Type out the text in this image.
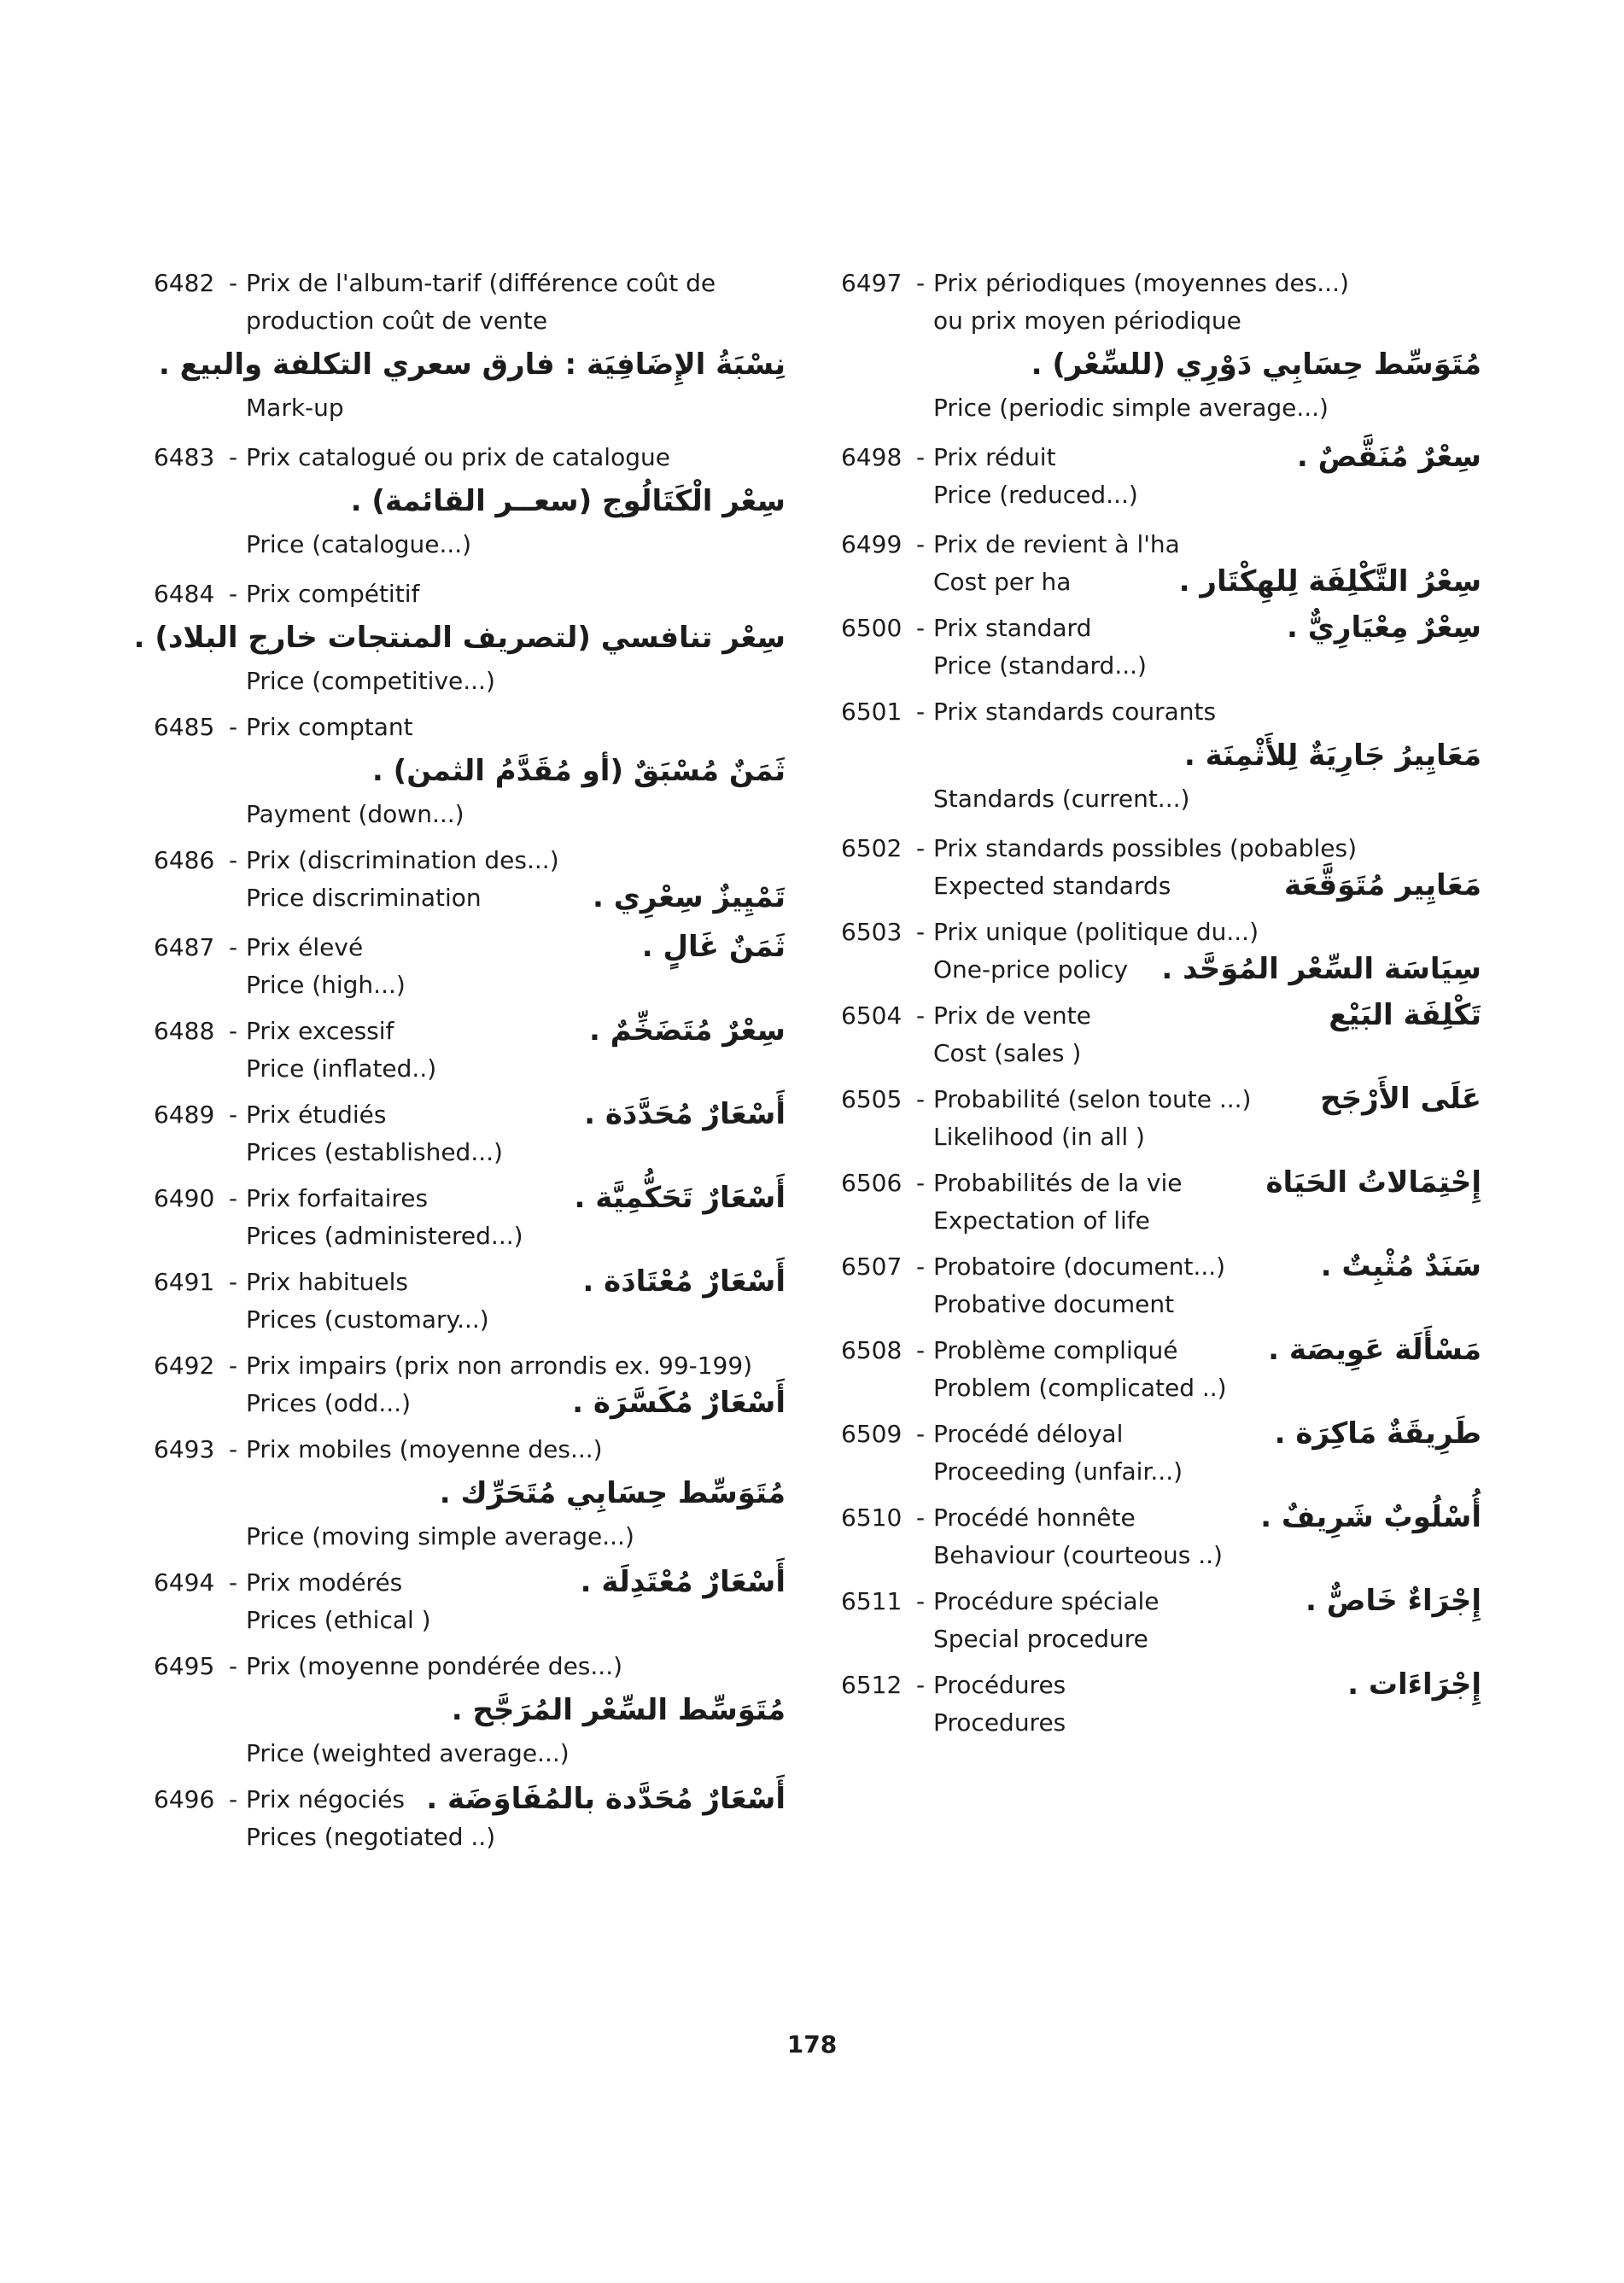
6482 - Prix de l'album-tarif (différence coût de
production coût de vente
نِسْبَةُ الإِضَافِيَة : فارق سعري التكلفة والبيع .
Mark-up
6483 - Prix catalogué ou prix de catalogue
سِعْر الْكَتَالُوج (سعــر القائمة) .
Price (catalogue...)
6484 - Prix compétitif
سِعْر تنافسي (لتصريف المنتجات خارج البلاد) .
Price (competitive...)
6485 - Prix comptant
ثَمَنٌ مُسْبَقٌ (أو مُقَدَّمُ الثمن) .
Payment (down...)
6486 - Prix (discrimination des...)
Price discrimination	تَمْيِيزٌ سِعْرِي .
6487 - Prix élevé	ثَمَنٌ غَالٍ .
Price (high...)
6488 - Prix excessif	سِعْرٌ مُتَضَخِّمٌ .
Price (inflated..)
6489 - Prix étudiés	أَسْعَارٌ مُحَدَّدَة .
Prices (established...)
6490 - Prix forfaitaires	أَسْعَارٌ تَحَكُّمِيَّة .
Prices (administered...)
6491 - Prix habituels	أَسْعَارٌ مُعْتَادَة .
Prices (customary...)
6492 - Prix impairs (prix non arrondis ex. 99-199)
Prices (odd...)	أَسْعَارٌ مُكَسَّرَة .
6493 - Prix mobiles (moyenne des...)
مُتَوَسِّط حِسَابِي مُتَحَرِّك .
Price (moving simple average...)
6494 - Prix modérés	أَسْعَارٌ مُعْتَدِلَة .
Prices (ethical )
6495 - Prix (moyenne pondérée des...)
مُتَوَسِّط السِّعْر المُرَجَّح .
Price (weighted average...)
6496 - Prix négociés أَسْعَارٌ مُحَدَّدة بالمُفَاوَضَة .
Prices (negotiated ..)
6497 - Prix périodiques (moyennes des...)
ou prix moyen périodique
مُتَوَسِّط حِسَابِي دَوْرِي (للسِّعْر) .
Price (periodic simple average...)
6498 - Prix réduit	سِعْرٌ مُنَقَّصٌ .
Price (reduced...)
6499 - Prix de revient à l'ha
Cost per ha	سِعْرُ التَّكْلِفَة لِلهِكْتَار .
6500 - Prix standard	سِعْرٌ مِعْيَارِيٌّ .
Price (standard...)
6501 - Prix standards courants
مَعَايِيرُ جَارِيَةٌ لِلأَثْمِنَة .
Standards (current...)
6502 - Prix standards possibles (pobables)
Expected standards	مَعَايِير مُتَوَقَّعَة
6503 - Prix unique (politique du...)
One-price policy سِيَاسَة السِّعْر المُوَحَّد .
6504 - Prix de vente	تَكْلِفَة البَيْع
Cost (sales )
6505 - Probabilité (selon toute ...) عَلَى الأَرْجَح
Likelihood (in all )
6506 - Probabilités de la vie	إِحْتِمَالاتُ الحَيَاة
Expectation of life
6507 - Probatoire (document...)	سَنَدٌ مُثْبِتٌ .
Probative document
6508 - Problème compliqué	مَسْأَلَة عَوِيصَة .
Problem (complicated ..)
6509 - Procédé déloyal	طَرِيقَةٌ مَاكِرَة .
Proceeding (unfair...)
6510 - Procédé honnête	أُسْلُوبٌ شَرِيفٌ .
Behaviour (courteous ..)
6511 - Procédure spéciale	إِجْرَاءٌ خَاصٌّ .
Special procedure
6512 - Procédures	إِجْرَاءَات .
Procedures
178
